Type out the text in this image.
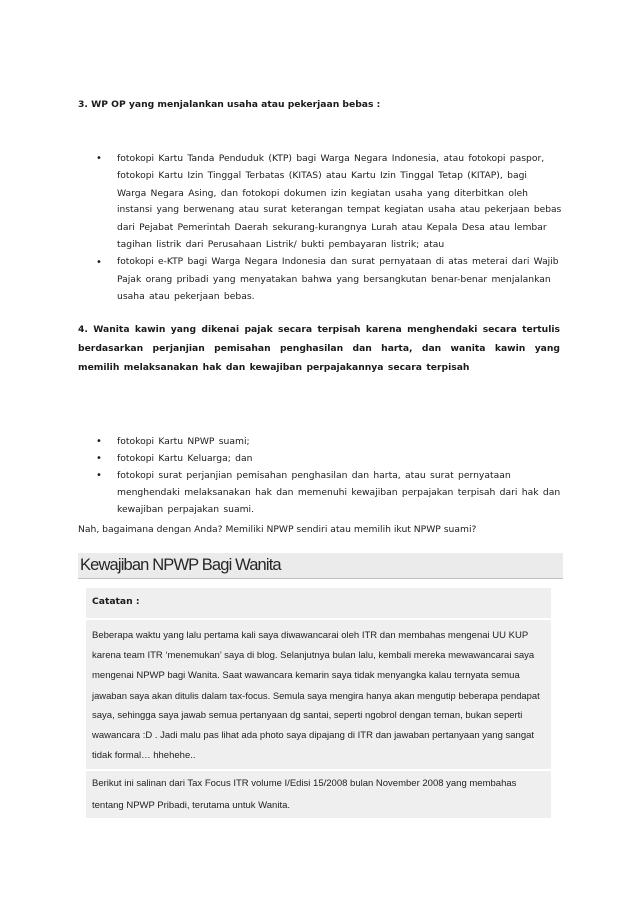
3. WP OP yang menjalankan usaha atau pekerjaan bebas :
•
fotokopi Kartu Tanda Penduduk (KTP) bagi Warga Negara Indonesia, atau fotokopi paspor,
fotokopi Kartu Izin Tinggal Terbatas (KITAS) atau Kartu Izin Tinggal Tetap (KITAP), bagi
Warga Negara Asing, dan fotokopi dokumen izin kegiatan usaha yang diterbitkan oleh
instansi yang berwenang atau surat keterangan tempat kegiatan usaha atau pekerjaan bebas
dari Pejabat Pemerintah Daerah sekurang-kurangnya Lurah atau Kepala Desa atau lembar
tagihan listrik dari Perusahaan Listrik/ bukti pembayaran listrik; atau
•
fotokopi e-KTP bagi Warga Negara Indonesia dan surat pernyataan di atas meterai dari Wajib
Pajak orang pribadi yang menyatakan bahwa yang bersangkutan benar-benar menjalankan
usaha atau pekerjaan bebas.
4. Wanita kawin yang dikenai pajak secara terpisah karena menghendaki secara tertulis
berdasarkan perjanjian pemisahan penghasilan dan harta, dan wanita kawin yang
memilih melaksanakan hak dan kewajiban perpajakannya secara terpisah
•
fotokopi Kartu NPWP suami;
•
fotokopi Kartu Keluarga; dan
•
fotokopi surat perjanjian pemisahan penghasilan dan harta, atau surat pernyataan
menghendaki melaksanakan hak dan memenuhi kewajiban perpajakan terpisah dari hak dan
kewajiban perpajakan suami.
Nah, bagaimana dengan Anda? Memiliki NPWP sendiri atau memilih ikut NPWP suami?
Kewajiban NPWP Bagi Wanita
Catatan :
Beberapa waktu yang lalu pertama kali saya diwawancarai oleh ITR dan membahas mengenai UU KUP
karena team ITR ‘menemukan’ saya di blog. Selanjutnya bulan lalu, kembali mereka mewawancarai saya
mengenai NPWP bagi Wanita. Saat wawancara kemarin saya tidak menyangka kalau ternyata semua
jawaban saya akan ditulis dalam tax-focus. Semula saya mengira hanya akan mengutip beberapa pendapat
saya, sehingga saya jawab semua pertanyaan dg santai, seperti ngobrol dengan teman, bukan seperti
wawancara :D . Jadi malu pas lihat ada photo saya dipajang di ITR dan jawaban pertanyaan yang sangat
tidak formal… hhehehe..
Berikut ini salinan dari Tax Focus ITR volume I/Edisi 15/2008 bulan November 2008 yang membahas
tentang NPWP Pribadi, terutama untuk Wanita.
